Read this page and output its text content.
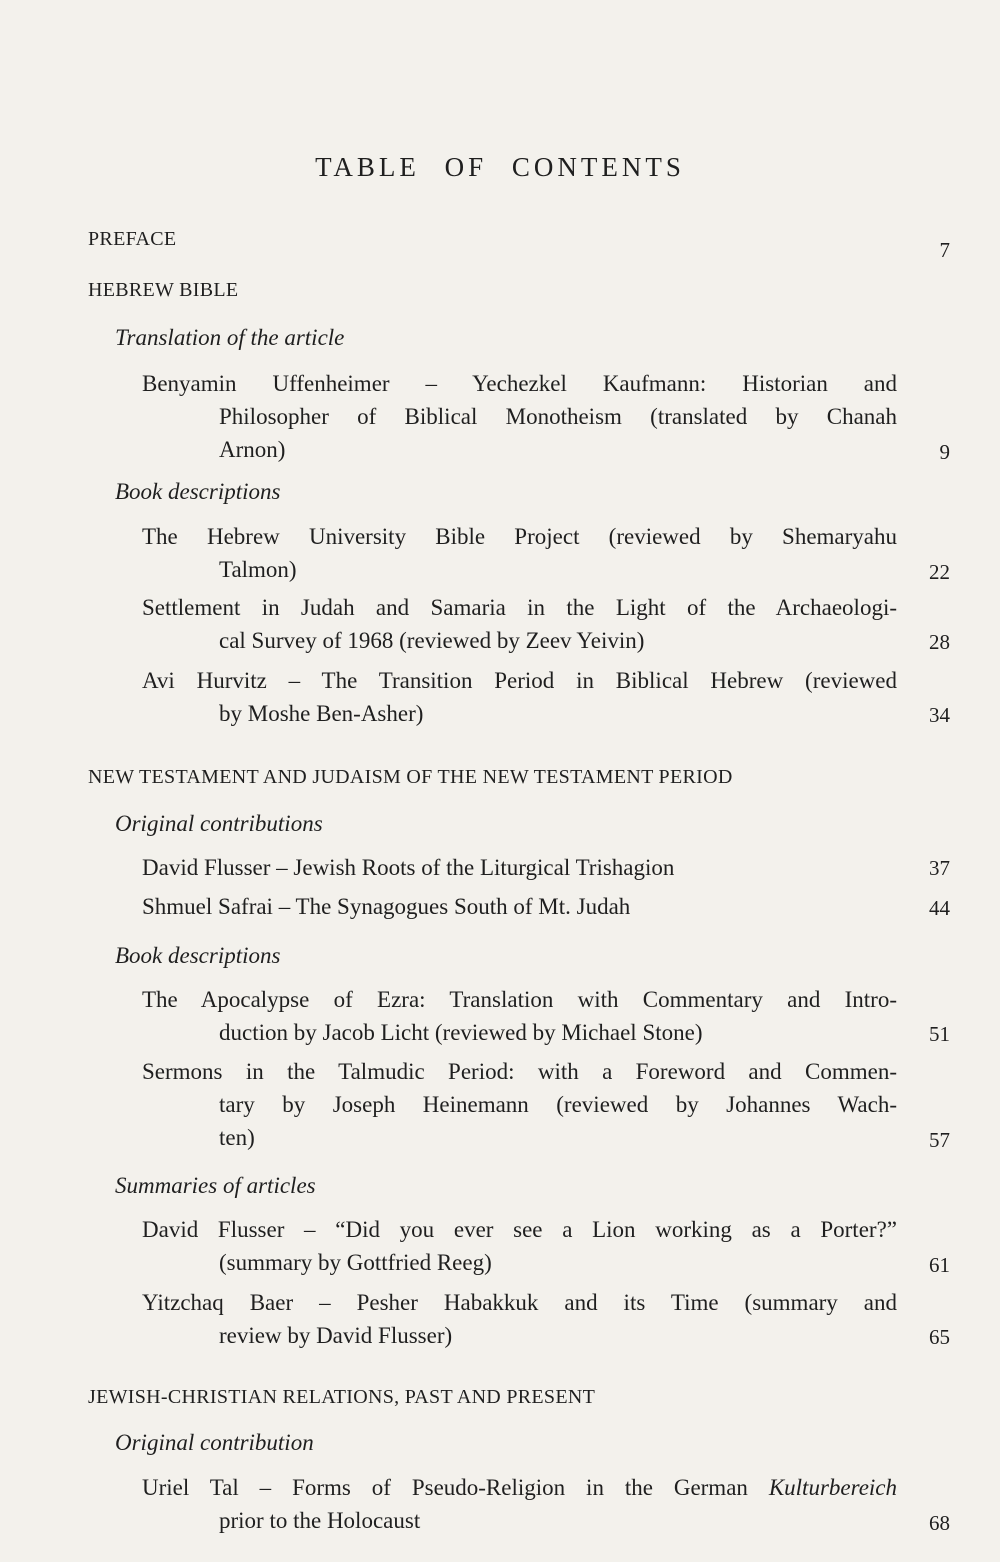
TABLE OF CONTENTS
PREFACE	7
HEBREW BIBLE
Translation of the article
Benyamin Uffenheimer – Yechezkel Kaufmann: Historian and
Philosopher of Biblical Monotheism (translated by Chanah
Arnon)	9
Book descriptions
The Hebrew University Bible Project (reviewed by Shemaryahu
Talmon)	22
Settlement in Judah and Samaria in the Light of the Archaeologi-
cal Survey of 1968 (reviewed by Zeev Yeivin)	28
Avi Hurvitz – The Transition Period in Biblical Hebrew (reviewed
by Moshe Ben-Asher)	34
NEW TESTAMENT AND JUDAISM OF THE NEW TESTAMENT PERIOD
Original contributions
David Flusser – Jewish Roots of the Liturgical Trishagion	37
Shmuel Safrai – The Synagogues South of Mt. Judah	44
Book descriptions
The Apocalypse of Ezra: Translation with Commentary and Intro-
duction by Jacob Licht (reviewed by Michael Stone)	51
Sermons in the Talmudic Period: with a Foreword and Commen-
tary by Joseph Heinemann (reviewed by Johannes Wach-
ten)	57
Summaries of articles
David Flusser – “Did you ever see a Lion working as a Porter?”
(summary by Gottfried Reeg)	61
Yitzchaq Baer – Pesher Habakkuk and its Time (summary and
review by David Flusser)	65
JEWISH-CHRISTIAN RELATIONS, PAST AND PRESENT
Original contribution
Uriel Tal – Forms of Pseudo-Religion in the German Kulturbereich
prior to the Holocaust	68
